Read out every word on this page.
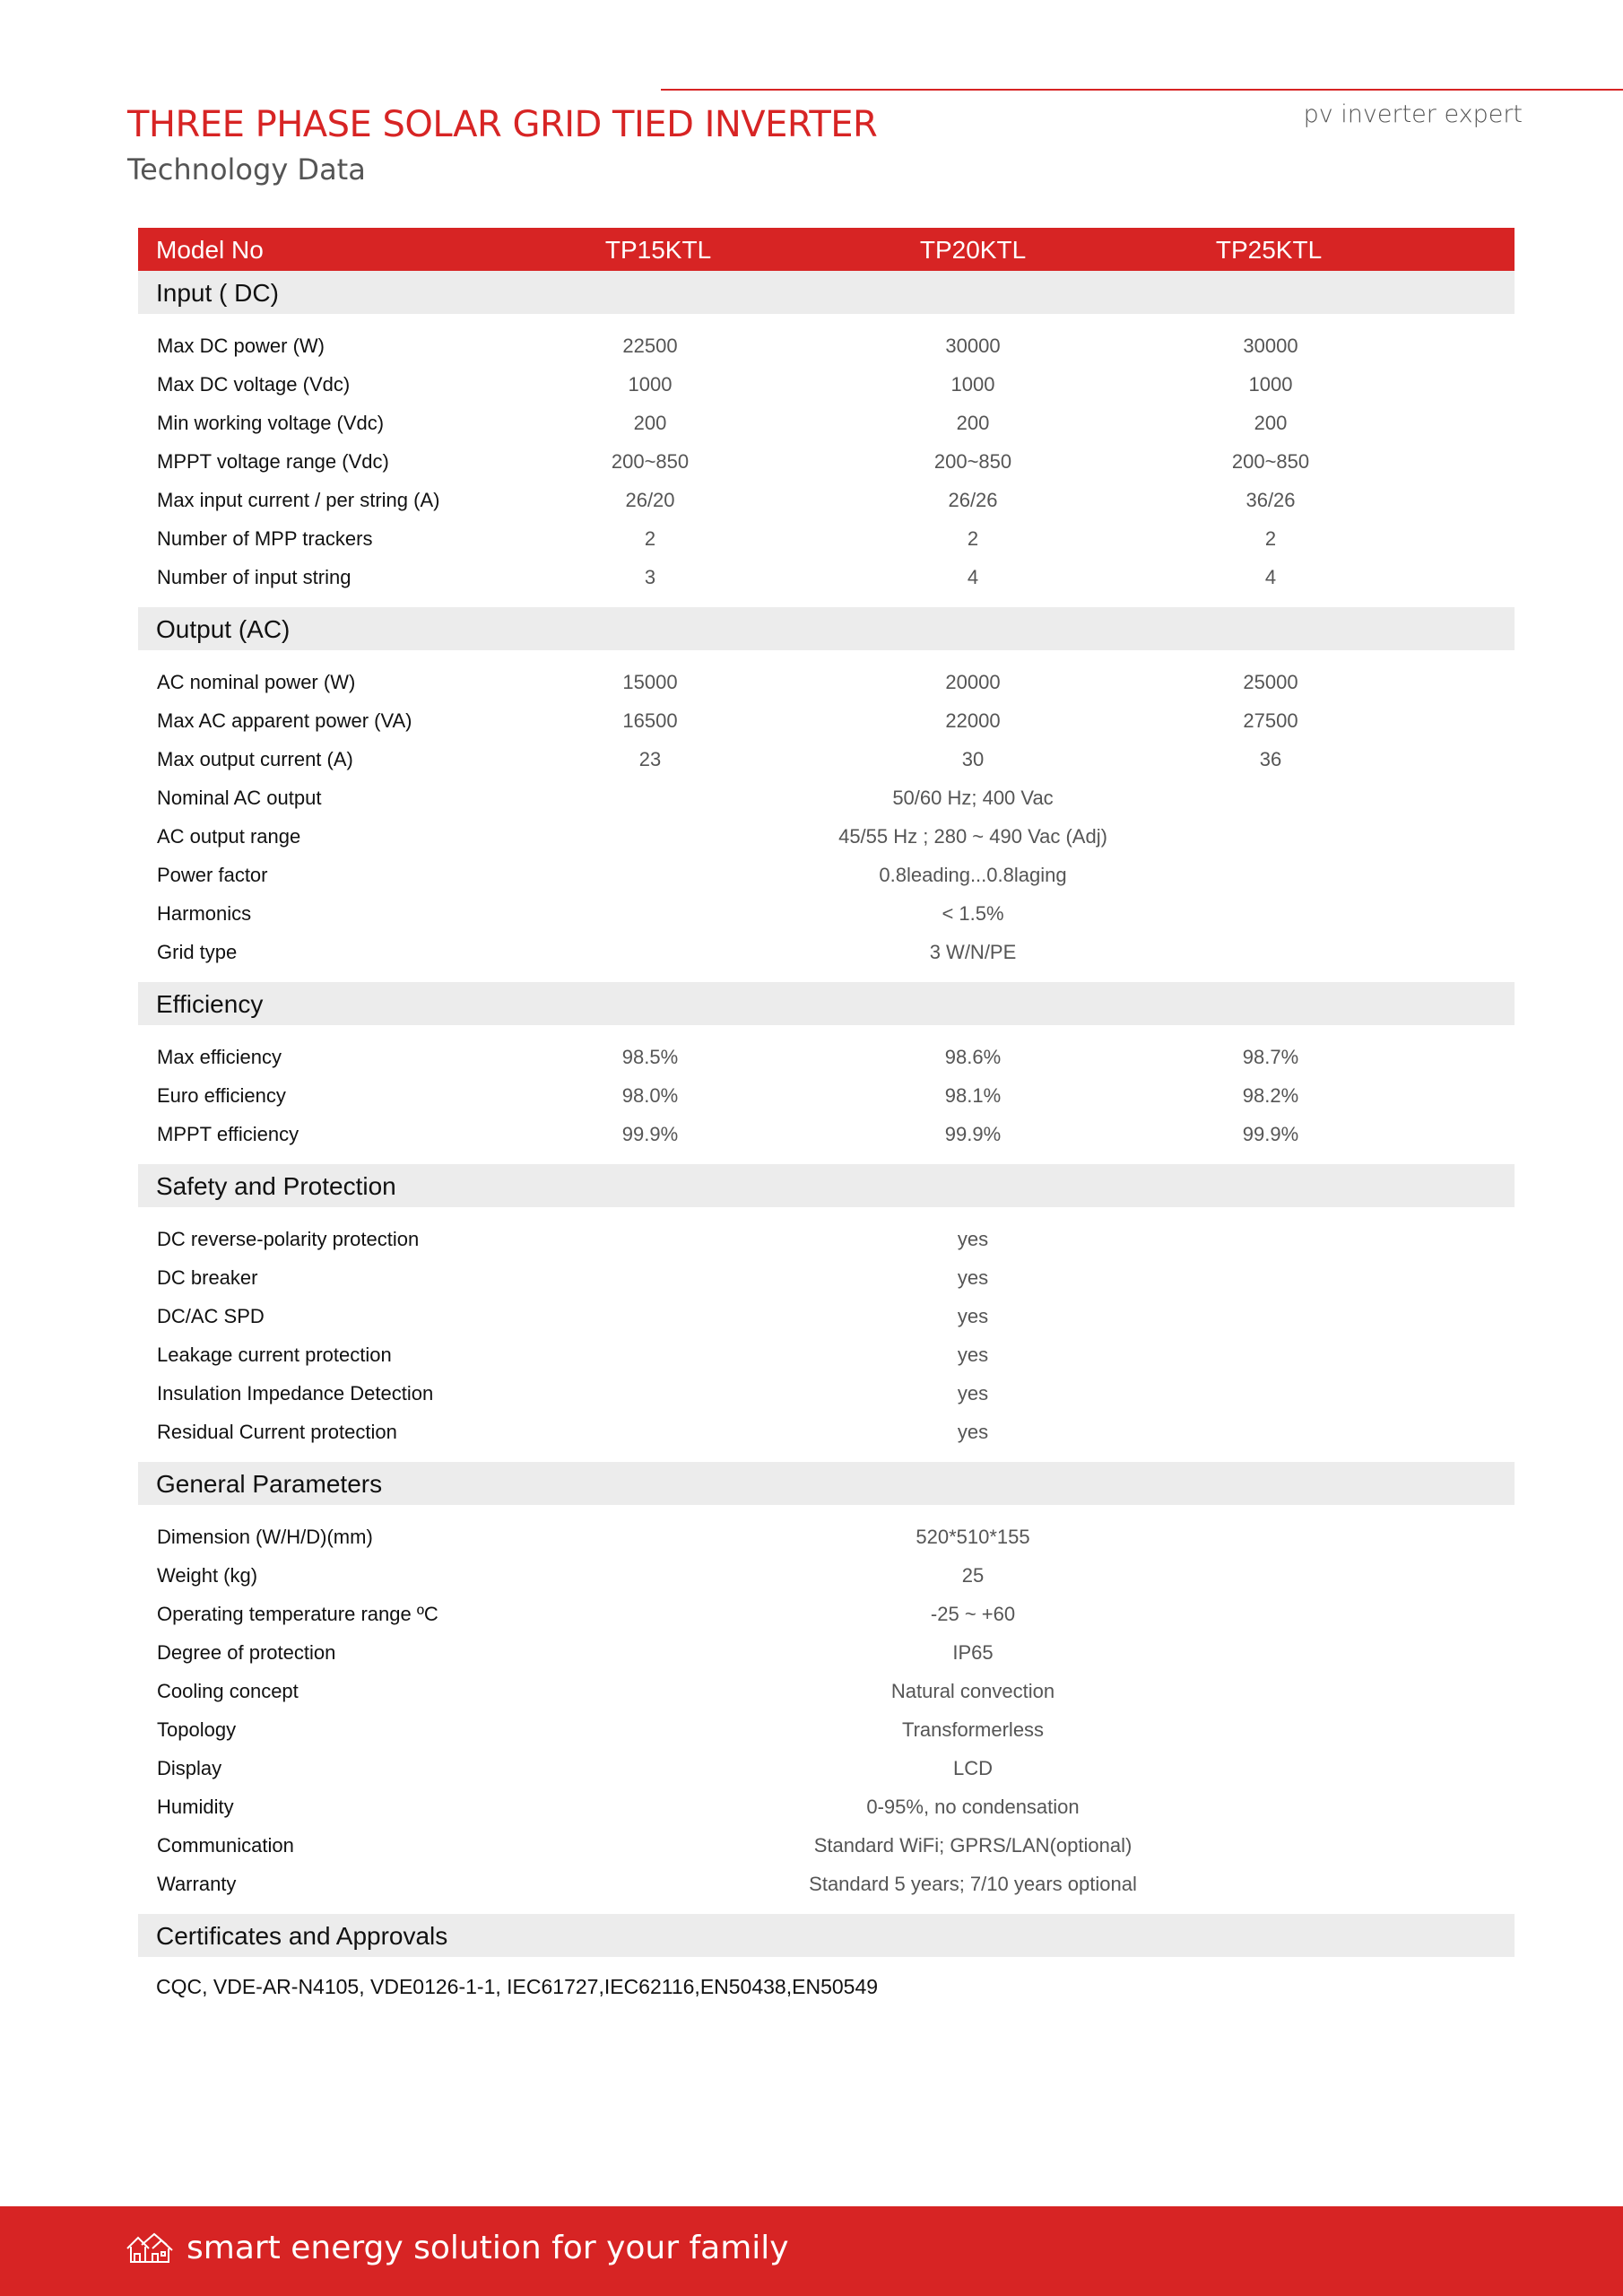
pv inverter expert
THREE PHASE SOLAR GRID TIED INVERTER
Technology Data
Model No	TP15KTL	TP20KTL	TP25KTL
Input ( DC)
Max DC power (W)	22500	30000	30000
Max DC voltage (Vdc)	1000	1000	1000
Min working voltage (Vdc)	200	200	200
MPPT voltage range (Vdc)	200~850	200~850	200~850
Max input current / per string (A)	26/20	26/26	36/26
Number of MPP trackers	2	2	2
Number of input string	3	4	4
Output (AC)
AC nominal power (W)	15000	20000	25000
Max AC apparent power (VA)	16500	22000	27500
Max output current (A)	23	30	36
Nominal AC output	50/60 Hz; 400 Vac
AC output range	45/55 Hz ; 280 ~ 490 Vac (Adj)
Power factor	0.8leading...0.8laging
Harmonics	< 1.5%
Grid type	3 W/N/PE
Efficiency
Max efficiency	98.5%	98.6%	98.7%
Euro efficiency	98.0%	98.1%	98.2%
MPPT efficiency	99.9%	99.9%	99.9%
Safety and Protection
DC reverse-polarity protection	yes
DC breaker	yes
DC/AC SPD	yes
Leakage current protection	yes
Insulation Impedance Detection	yes
Residual Current protection	yes
General Parameters
Dimension (W/H/D)(mm)	520*510*155
Weight (kg)	25
Operating temperature range ºC	-25 ~ +60
Degree of protection	IP65
Cooling concept	Natural convection
Topology	Transformerless
Display	LCD
Humidity	0-95%, no condensation
Communication	Standard WiFi; GPRS/LAN(optional)
Warranty	Standard 5 years; 7/10 years optional
Certificates and Approvals
CQC, VDE-AR-N4105, VDE0126-1-1, IEC61727,IEC62116,EN50438,EN50549
smart energy solution for your family
